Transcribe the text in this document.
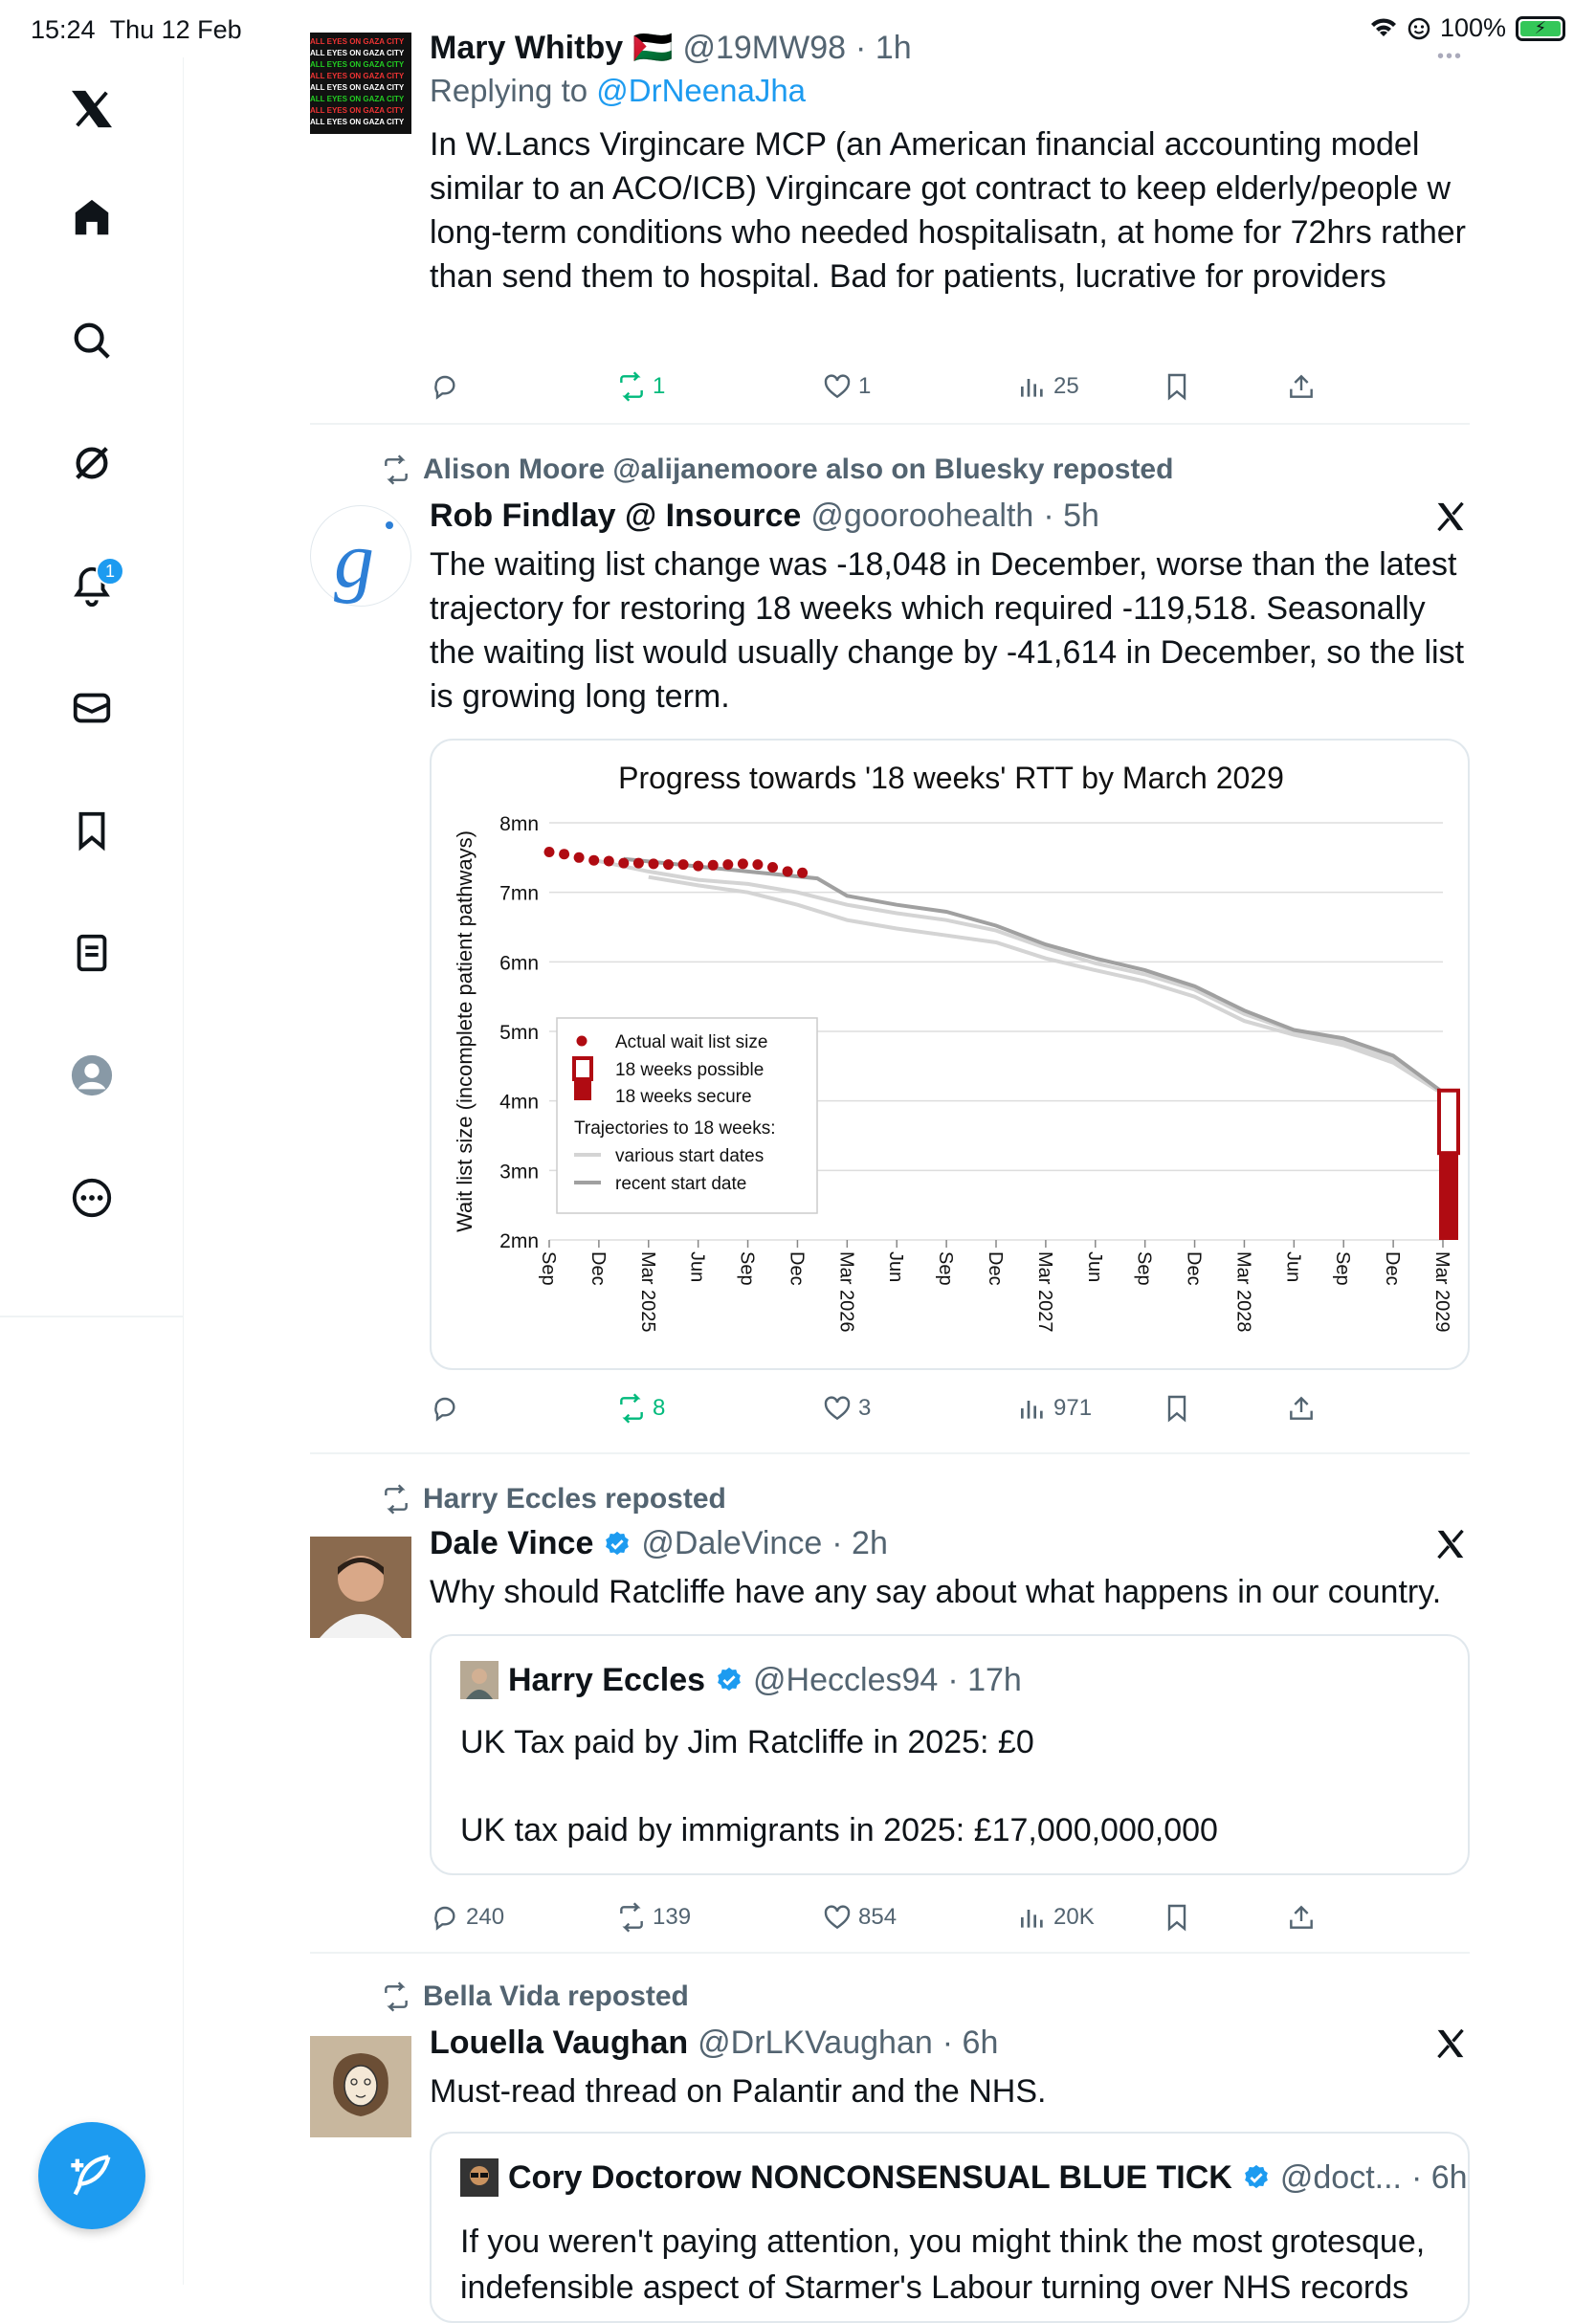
15:24 Thu 12 Feb
•••
100%	⚡
1
ALL EYES ON GAZA CITY
ALL EYES ON GAZA CITY
ALL EYES ON GAZA CITY
ALL EYES ON GAZA CITY
ALL EYES ON GAZA CITY
ALL EYES ON GAZA CITY
ALL EYES ON GAZA CITY
ALL EYES ON GAZA CITY
Mary Whitby 🇵🇸 @19MW98 · 1h
Replying to @DrNeenaJha
In W.Lancs Virgincare MCP (an American financial accounting model similar to an ACO/ICB) Virgincare got contract to keep elderly/people w long-term conditions who needed hospitalisatn, at home for 72hrs rather than send them to hospital. Bad for patients, lucrative for providers
1	1	25
Alison Moore @alijanemoore also on Bluesky reposted
g Rob Findlay @ Insource @gooroohealth · 5h
The waiting list change was -18,048 in December, worse than the latest trajectory for restoring 18 weeks which required -119,518. Seasonally the waiting list would usually change by -41,614 in December, so the list is growing long term.
Progress towards '18 weeks' RTT by March 2029
8mn
7mn
6mn
5mn
4mn
3mn
2mn
Wait list size (incomplete patient pathways)
Sep Dec Mar 2025 Jun Sep Dec Mar 2026 Jun Sep Dec Mar 2027 Jun Sep Dec Mar 2028 Jun Sep Dec Mar 2029
Actual wait list size
18 weeks possible
18 weeks secure
Trajectories to 18 weeks:
various start dates
recent start date
8	3	971
Harry Eccles reposted
Dale Vince @DaleVince · 2h
Why should Ratcliffe have any say about what happens in our country.
Harry Eccles @Heccles94 · 17h
UK Tax paid by Jim Ratcliffe in 2025: £0
UK tax paid by immigrants in 2025: £17,000,000,000
240	139	854	20K
Bella Vida reposted
Louella Vaughan @DrLKVaughan · 6h
Must-read thread on Palantir and the NHS.
Cory Doctorow NONCONSENSUAL BLUE TICK @doct... · 6h
If you weren't paying attention, you might think the most grotesque,
indefensible aspect of Starmer's Labour turning over NHS records
